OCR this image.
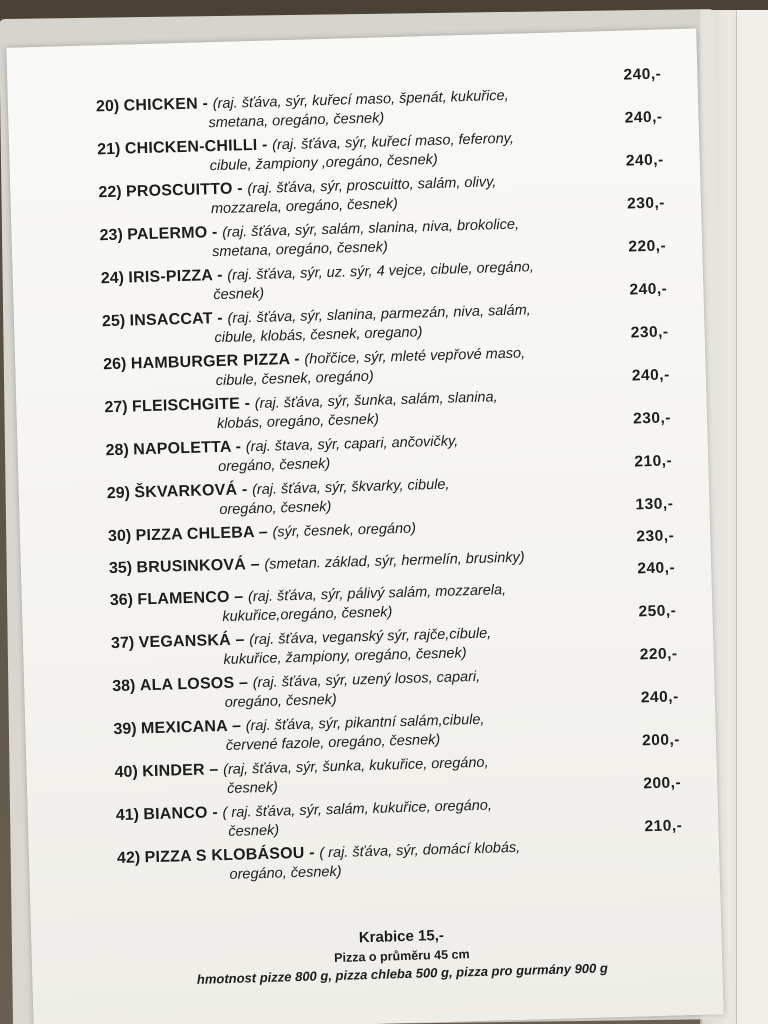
20) CHICKEN - (raj. šťáva, sýr, kuřecí maso, špenát, kukuřice,
smetana, oregáno, česnek)
240,-
21) CHICKEN-CHILLI - (raj. šťáva, sýr, kuřecí maso, feferony,
cibule, žampiony ,oregáno, česnek)
240,-
22) PROSCUITTO - (raj. šťáva, sýr, proscuitto, salám, olivy,
mozzarela, oregáno, česnek)
240,-
23) PALERMO - (raj. šťáva, sýr, salám, slanina, niva, brokolice,
smetana, oregáno, česnek)
230,-
24) IRIS-PIZZA - (raj. šťáva, sýr, uz. sýr, 4 vejce, cibule, oregáno,
česnek)
220,-
25) INSACCAT - (raj. šťáva, sýr, slanina, parmezán, niva, salám,
cibule, klobás, česnek, oregano)
240,-
26) HAMBURGER PIZZA - (hořčice, sýr, mleté vepřové maso,
cibule, česnek, oregáno)
230,-
27) FLEISCHGITE - (raj. šťáva, sýr, šunka, salám, slanina,
klobás, oregáno, česnek)
240,-
28) NAPOLETTA - (raj. štava, sýr, capari, ančovičky,
oregáno, česnek)
230,-
29) ŠKVARKOVÁ - (raj. šťáva, sýr, škvarky, cibule,
oregáno, česnek)
210,-
30) PIZZA CHLEBA – (sýr, česnek, oregáno)
130,-
35) BRUSINKOVÁ – (smetan. základ, sýr, hermelín, brusinky)
230,-
36) FLAMENCO – (raj. šťáva, sýr, pálivý salám, mozzarela,
kukuřice,oregáno, česnek)
240,-
37) VEGANSKÁ – (raj. šťáva, veganský sýr, rajče,cibule,
kukuřice, žampiony, oregáno, česnek)
250,-
38) ALA LOSOS – (raj. šťáva, sýr, uzený losos, capari,
oregáno, česnek)
220,-
39) MEXICANA – (raj. šťáva, sýr, pikantní salám,cibule,
červené fazole, oregáno, česnek)
240,-
40) KINDER – (raj, šťáva, sýr, šunka, kukuřice, oregáno,
česnek)
200,-
41) BIANCO - ( raj. šťáva, sýr, salám, kukuřice, oregáno,
česnek)
200,-
42) PIZZA S KLOBÁSOU - ( raj. šťáva, sýr, domácí klobás,
oregáno, česnek)
210,-
Krabice 15,-
Pizza o průměru 45 cm
hmotnost pizze 800 g, pizza chleba 500 g, pizza pro gurmány 900 g
